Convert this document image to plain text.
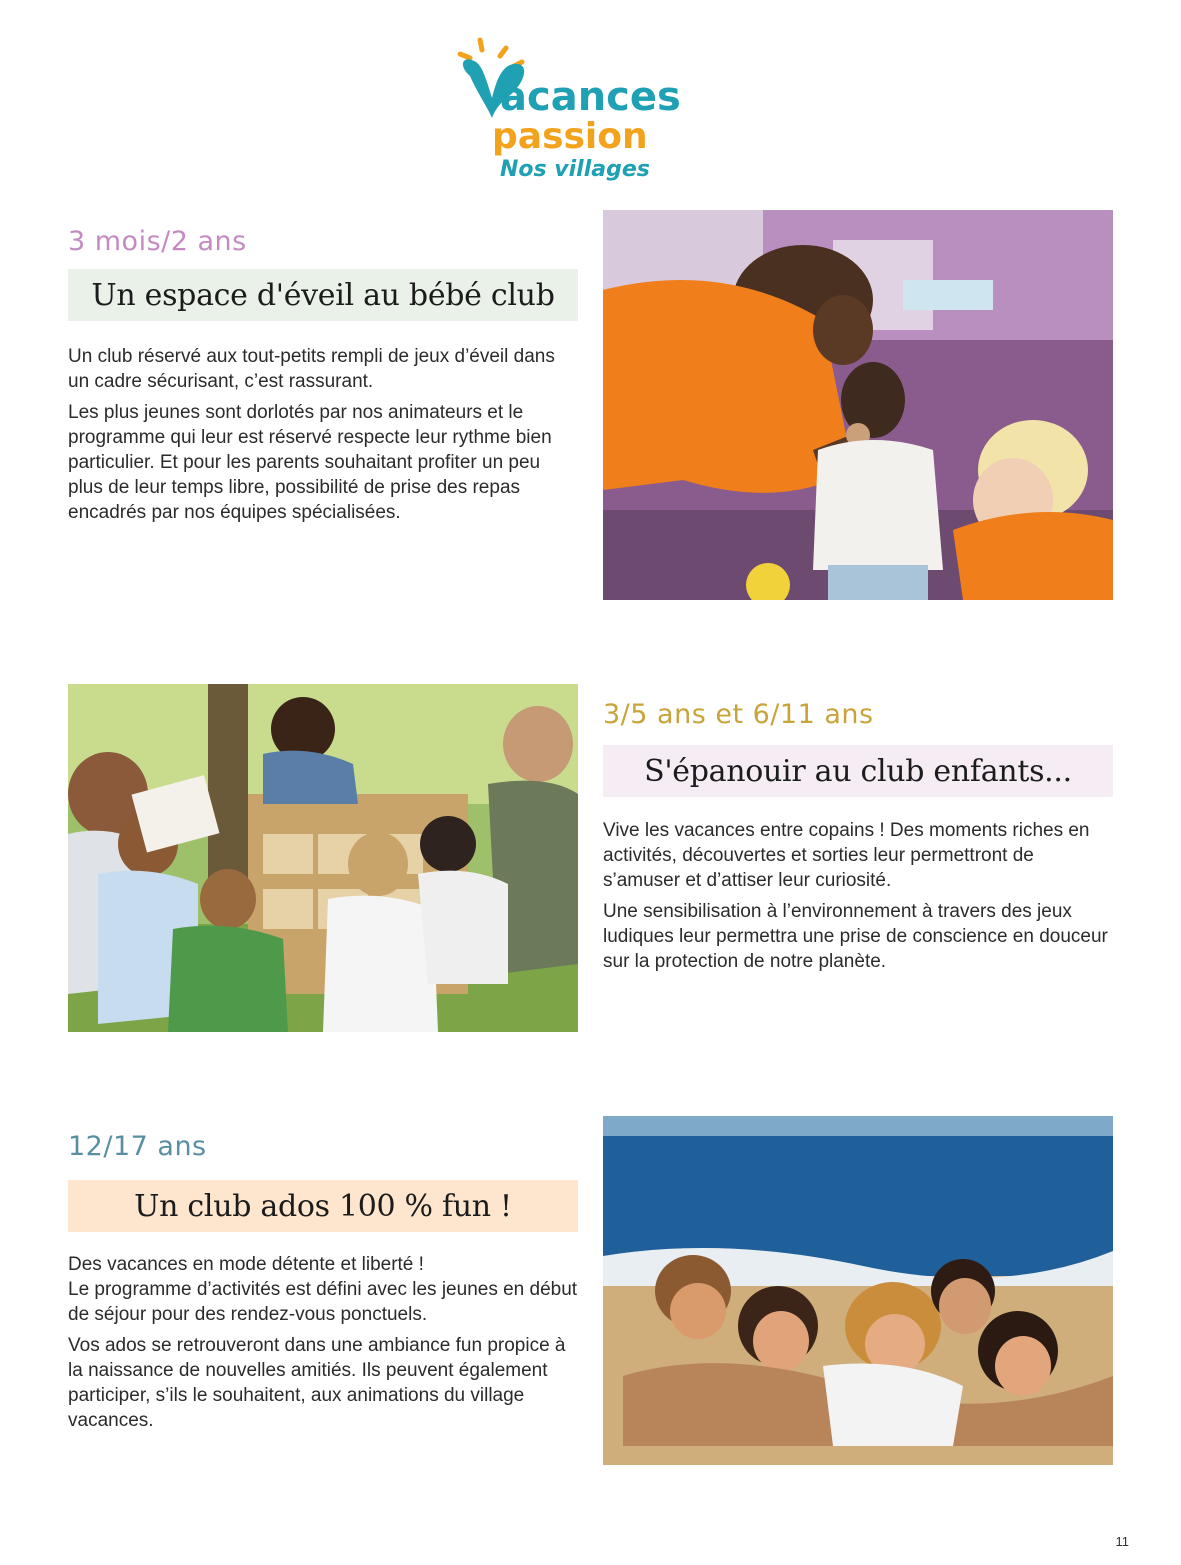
acances
passion
Nos villages
3 mois/2 ans
Un espace d'éveil au bébé club

Un club réservé aux tout-petits rempli de jeux d’éveil dans un cadre sécurisant, c’est rassurant.

Les plus jeunes sont dorlotés par nos animateurs et le programme qui leur est réservé respecte leur rythme bien particulier. Et pour les parents souhaitant profiter un peu plus de leur temps libre, possibilité de prise des repas encadrés par nos équipes spécialisées.

3/5 ans et 6/11 ans
S'épanouir au club enfants...

Vive les vacances entre copains ! Des moments riches en activités, découvertes et sorties leur permettront de s’amuser et d’attiser leur curiosité.

Une sensibilisation à l’environnement à travers des jeux ludiques leur permettra une prise de conscience en douceur sur la protection de notre planète.

12/17 ans
Un club ados 100 % fun !

Des vacances en mode détente et liberté !
Le programme d’activités est défini avec les jeunes en début de séjour pour des rendez-vous ponctuels.

Vos ados se retrouveront dans une ambiance fun propice à la naissance de nouvelles amitiés. Ils peuvent également participer, s’ils le souhaitent, aux animations du village vacances.

11
